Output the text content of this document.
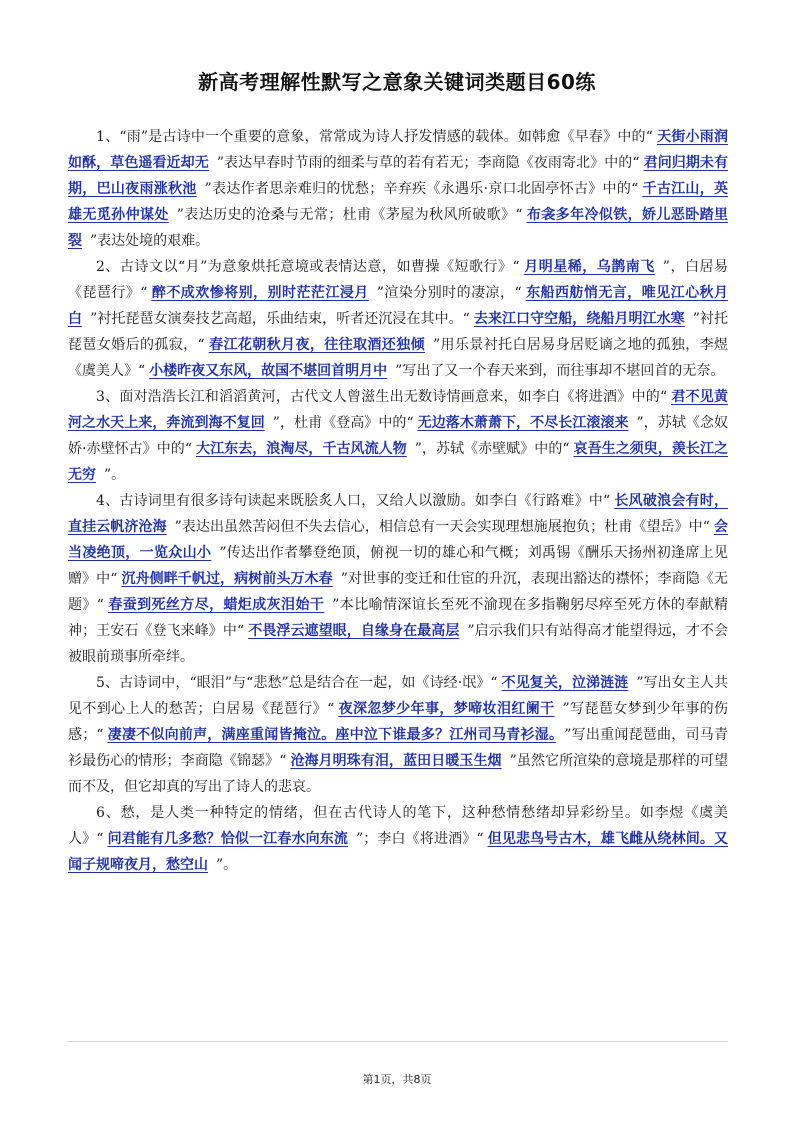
新高考理解性默写之意象关键词类题目60练

1、“雨”是古诗中一个重要的意象，常常成为诗人抒发情感的载体。如韩愈《早春》中的“ 天街小雨润如酥，草色遥看近却无 ”表达早春时节雨的细柔与草的若有若无；李商隐《夜雨寄北》中的“ 君问归期未有期，巴山夜雨涨秋池 ”表达作者思亲难归的忧愁；辛弃疾《永遇乐·京口北固亭怀古》中的“ 千古江山，英雄无觅孙仲谋处 ”表达历史的沧桑与无常；杜甫《茅屋为秋风所破歌》“ 布衾多年冷似铁，娇儿恶卧踏里裂 ”表达处境的艰难。

2、古诗文以“月”为意象烘托意境或表情达意，如曹操《短歌行》“ 月明星稀，乌鹊南飞 ”，白居易《琵琶行》“ 醉不成欢惨将别，别时茫茫江浸月 ”渲染分别时的凄凉，“ 东船西舫悄无言，唯见江心秋月白 ”衬托琵琶女演奏技艺高超，乐曲结束，听者还沉浸在其中。“ 去来江口守空船，绕船月明江水寒 ”衬托琵琶女婚后的孤寂，“ 春江花朝秋月夜，往往取酒还独倾 ”用乐景衬托白居易身居贬谪之地的孤独，李煜《虞美人》“ 小楼昨夜又东风，故国不堪回首明月中 ”写出了又一个春天来到，而往事却不堪回首的无奈。

3、面对浩浩长江和滔滔黄河，古代文人曾滋生出无数诗情画意来，如李白《将进酒》中的“ 君不见黄河之水天上来，奔流到海不复回 ”，杜甫《登高》中的“ 无边落木萧萧下，不尽长江滚滚来 ”，苏轼《念奴娇·赤壁怀古》中的“ 大江东去，浪淘尽，千古风流人物 ”，苏轼《赤壁赋》中的“ 哀吾生之须臾，羡长江之无穷 ”。

4、古诗词里有很多诗句读起来既脍炙人口，又给人以激励。如李白《行路难》中“ 长风破浪会有时，直挂云帆济沧海 ”表达出虽然苦闷但不失去信心，相信总有一天会实现理想施展抱负；杜甫《望岳》中“ 会当凌绝顶，一览众山小 ”传达出作者攀登绝顶，俯视一切的雄心和气概；刘禹锡《酬乐天扬州初逢席上见赠》中“ 沉舟侧畔千帆过，病树前头万木春 ”对世事的变迁和仕宦的升沉，表现出豁达的襟怀；李商隐《无题》“ 春蚕到死丝方尽，蜡炬成灰泪始干 ”本比喻情深谊长至死不渝现在多指鞠躬尽瘁至死方休的奉献精神；王安石《登飞来峰》中“ 不畏浮云遮望眼，自缘身在最高层 ”启示我们只有站得高才能望得远，才不会被眼前琐事所牵绊。

5、古诗词中，“眼泪”与“悲愁”总是结合在一起，如《诗经·氓》“ 不见复关，泣涕涟涟 ”写出女主人共见不到心上人的愁苦；白居易《琵琶行》“ 夜深忽梦少年事，梦啼妆泪红阑干 ”写琵琶女梦到少年事的伤感；“ 凄凄不似向前声，满座重闻皆掩泣。座中泣下谁最多？江州司马青衫湿。 ”写出重闻琵琶曲，司马青衫最伤心的情形；李商隐《锦瑟》“ 沧海月明珠有泪，蓝田日暖玉生烟 ”虽然它所渲染的意境是那样的可望而不及，但它却真的写出了诗人的悲哀。

6、愁，是人类一种特定的情绪，但在古代诗人的笔下，这种愁情愁绪却异彩纷呈。如李煜《虞美人》“ 问君能有几多愁？恰似一江春水向东流 ”；李白《将进酒》“ 但见悲鸟号古木，雄飞雌从绕林间。又闻子规啼夜月，愁空山 ”。

第1页，共8页
